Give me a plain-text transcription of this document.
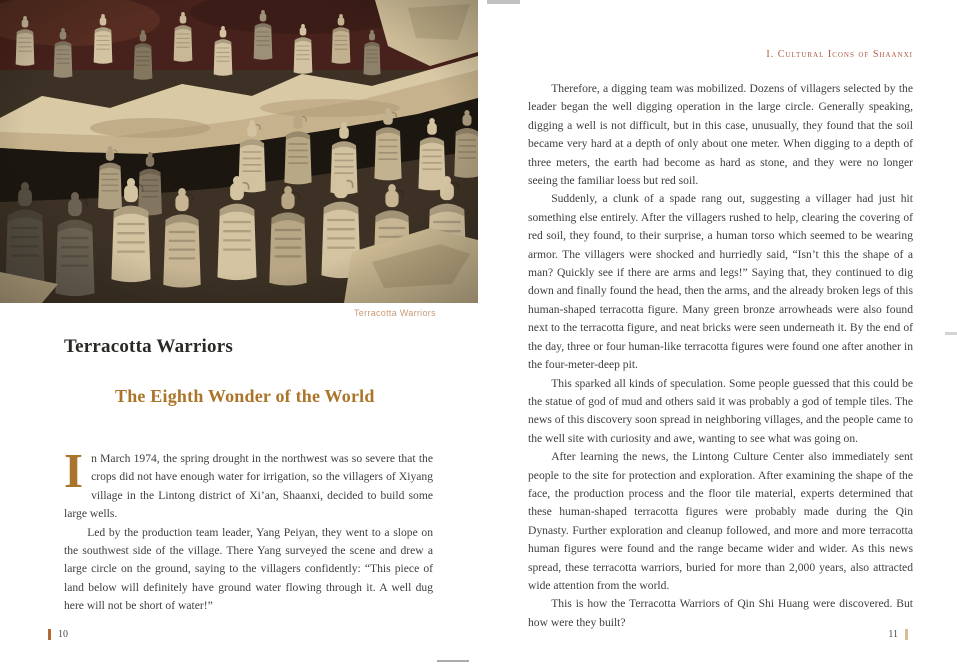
Terracotta Warriors
Terracotta Warriors
The Eighth Wonder of the World

In March 1974, the spring drought in the northwest was so severe that the crops did not have enough water for irrigation, so the villagers of Xiyang village in the Lintong district of Xi’an, Shaanxi, decided to build some large wells.

Led by the production team leader, Yang Peiyan, they went to a slope on the southwest side of the village. There Yang surveyed the scene and drew a large circle on the ground, saying to the villagers confidently: “This piece of land below will definitely have ground water flowing through it. A well dug here will not be short of water!”

10
I. Cultural Icons of Shaanxi

Therefore, a digging team was mobilized. Dozens of villagers selected by the leader began the well digging operation in the large circle. Generally speaking, digging a well is not difficult, but in this case, unusually, they found that the soil became very hard at a depth of only about one meter. When digging to a depth of three meters, the earth had become as hard as stone, and they were no longer seeing the familiar loess but red soil.

Suddenly, a clunk of a spade rang out, suggesting a villager had just hit something else entirely. After the villagers rushed to help, clearing the covering of red soil, they found, to their surprise, a human torso which seemed to be wearing armor. The villagers were shocked and hurriedly said, “Isn’t this the shape of a man? Quickly see if there are arms and legs!” Saying that, they continued to dig down and finally found the head, then the arms, and the already broken legs of this human-shaped terracotta figure. Many green bronze arrowheads were also found next to the terracotta figure, and neat bricks were seen underneath it. By the end of the day, three or four human-like terracotta figures were found one after another in the four-meter-deep pit.

This sparked all kinds of speculation. Some people guessed that this could be the statue of god of mud and others said it was probably a god of temple tiles. The news of this discovery soon spread in neighboring villages, and the people came to the well site with curiosity and awe, wanting to see what was going on.

After learning the news, the Lintong Culture Center also immediately sent people to the site for protection and exploration. After examining the shape of the face, the production process and the floor tile material, experts determined that these human-shaped terracotta figures were probably made during the Qin Dynasty. Further exploration and cleanup followed, and more and more terracotta human figures were found and the range became wider and wider. As this news spread, these terracotta warriors, buried for more than 2,000 years, also attracted wide attention from the world.

This is how the Terracotta Warriors of Qin Shi Huang were discovered. But how were they built?

11
